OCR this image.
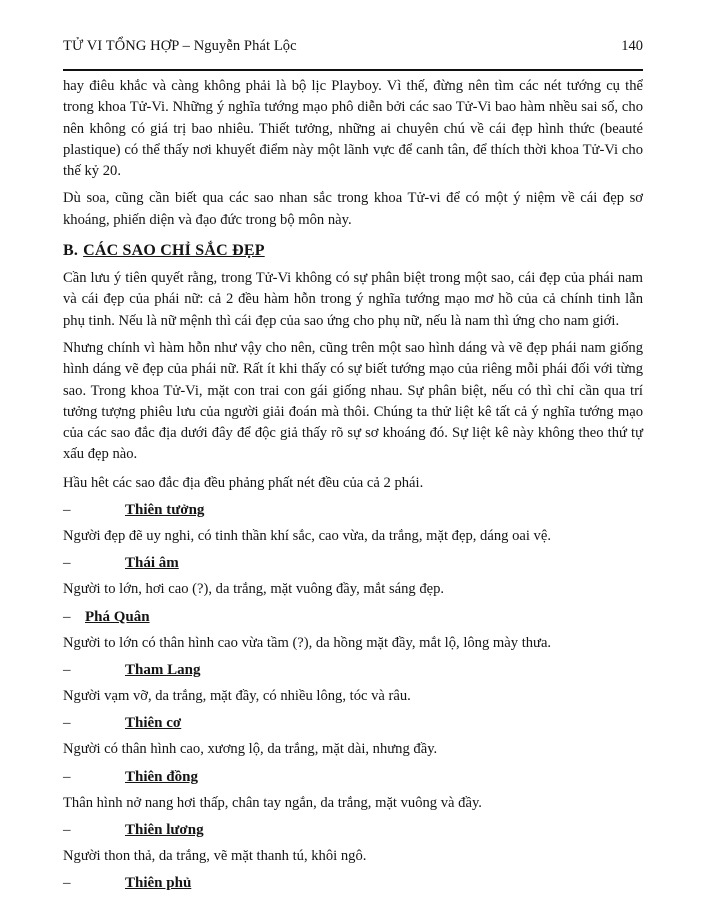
TỬ VI TỔNG HỢP – Nguyễn Phát Lộc	140

hay điêu khắc và càng không phải là bộ lịc Playboy. Vì thế, đừng nên tìm các nét tướng cụ thể trong khoa Tử-Vi. Những ý nghĩa tướng mạo phô diễn bởi các sao Tử-Vi bao hàm nhều sai số, cho nên không có giá trị bao nhiêu. Thiết tưởng, những ai chuyên chú về cái đẹp hình thức (beauté plastique) có thể thấy nơi khuyết điểm này một lãnh vực để canh tân, để thích thời khoa Tử-Vi cho thế kỷ 20.

Dù soa, cũng cần biết qua các sao nhan sắc trong khoa Tử-vi để có một ý niệm về cái đẹp sơ khoáng, phiến diện và đạo đức trong bộ môn này.

B. CÁC SAO CHỈ SẮC ĐẸP

Cần lưu ý tiên quyết rằng, trong Tử-Vi không có sự phân biệt trong một sao, cái đẹp của phái nam và cái đẹp của phái nữ: cả 2 đều hàm hỗn trong ý nghĩa tướng mạo mơ hồ của cả chính tinh lẫn phụ tinh. Nếu là nữ mệnh thì cái đẹp của sao ứng cho phụ nữ, nếu là nam thì ứng cho nam giới.

Nhưng chính vì hàm hỗn như vậy cho nên, cũng trên một sao hình dáng và vẽ đẹp phái nam giống hình dáng vẽ đẹp của phái nữ. Rất ít khi thấy có sự biết tướng mạo của riêng mỗi phái đối với từng sao. Trong khoa Tử-Vi, mặt con trai con gái giống nhau. Sự phân biệt, nếu có thì chỉ cần qua trí tưởng tượng phiêu lưu của người giải đoán mà thôi. Chúng ta thử liệt kê tất cả ý nghĩa tướng mạo của các sao đắc địa dưới đây để độc giả thấy rõ sự sơ khoáng đó. Sự liệt kê này không theo thứ tự xấu đẹp nào.

Hầu hêt các sao đắc địa đều phảng phất nét đều của cả 2 phái.

–	Thiên tưởng

Người đẹp đẽ uy nghi, có tinh thần khí sắc, cao vừa, da trắng, mặt đẹp, dáng oai vệ.

–	Thái âm

Người to lớn, hơi cao (?), da trắng, mặt vuông đầy, mắt sáng đẹp.

– Phá Quân

Người to lớn có thân hình cao vừa tầm (?), da hồng mặt đầy, mắt lộ, lông mày thưa.

–	Tham Lang

Người vạm vỡ, da trắng, mặt đầy, có nhiều lông, tóc và râu.

–	Thiên cơ

Người có thân hình cao, xương lộ, da trắng, mặt dài, nhưng đầy.

–	Thiên đồng

Thân hình nở nang hơi thấp, chân tay ngắn, da trắng, mặt vuông và đầy.

–	Thiên lương

Người thon thả, da trắng, vẽ mặt thanh tú, khôi ngô.

–	Thiên phủ
